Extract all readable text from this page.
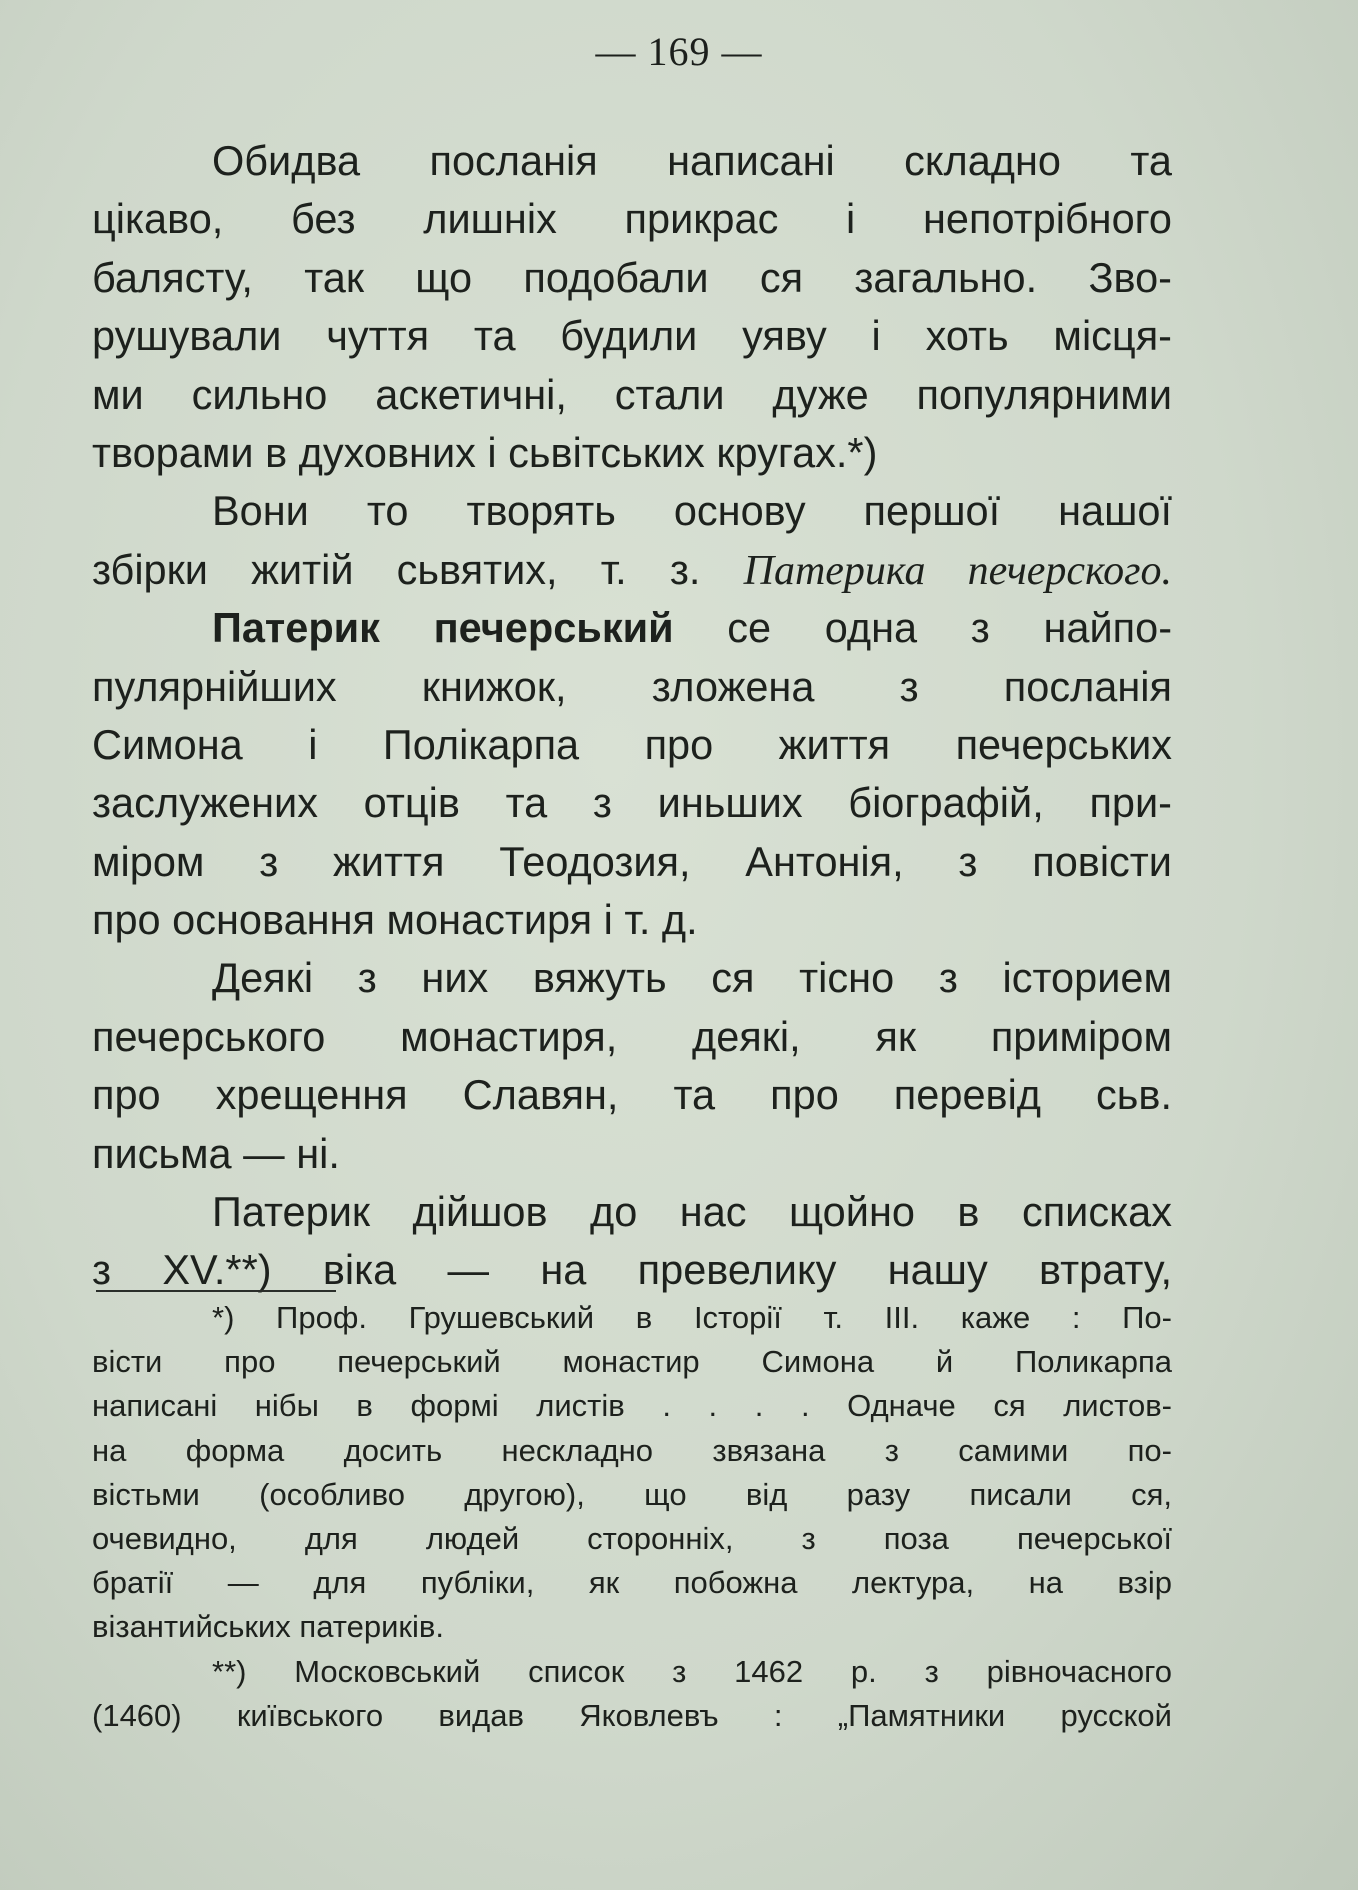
— 169 —
Обидва посланія написані складно та
цікаво, без лишніх прикрас і непотрібного
балясту, так що подобали ся загально. Зво-
рушували чуття та будили уяву і хоть місця-
ми сильно аскетичні, стали дуже популярними
творами в духовних і сьвітських кругах.*)
Вони то творять основу першої нашої
збірки житій сьвятих, т. з. Патерика печерского.
Патерик печерський се одна з найпо-
пулярнійших книжок, зложена з посланія
Симона і Полікарпа про життя печерських
заслужених отців та з иньших біографій, при-
міром з життя Теодозия, Антонія, з повісти
про основання монастиря і т. д.
Деякі з них вяжуть ся тісно з історием
печерського монастиря, деякі, як приміром
про хрещення Славян, та про перевід сьв.
письма — ні.
Патерик дійшов до нас щойно в списках
з XV.**) віка — на превелику нашу втрату,
*) Проф. Грушевський в Історії т. III. каже : По-
вісти про печерський монастир Симона й Поликарпа
написані нібы в формі листів . . . . Одначе ся листов-
на форма досить нескладно звязана з самими по-
вістьми (особливо другою), що від разу писали ся,
очевидно, для людей сторонніх, з поза печерської
братії — для публіки, як побожна лектура, на взір
візантийських патериків.
**) Московський список з 1462 р. з рівночасного
(1460) київського видав Яковлевъ : „Памятники русской
